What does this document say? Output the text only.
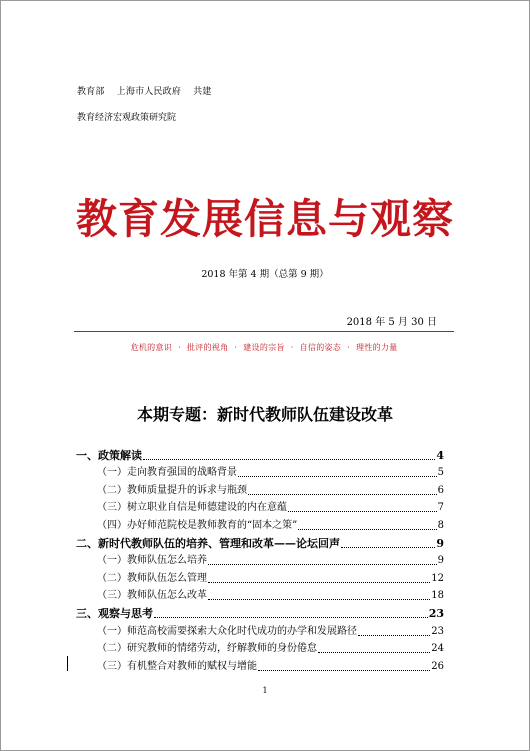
教育部 上海市人民政府 共建
教育经济宏观政策研究院
教育发展信息与观察
2018 年第 4 期（总第 9 期）
2018 年 5 月 30 日
危机的意识 · 批评的视角 · 建设的宗旨 · 自信的姿态 · 理性的力量
本期专题：新时代教师队伍建设改革
一、政策解读	4
（一）走向教育强国的战略背景	5
（二）教师质量提升的诉求与瓶颈	6
（三）树立职业自信是师德建设的内在意蕴	7
（四）办好师范院校是教师教育的“固本之策”	8
二、新时代教师队伍的培养、管理和改革——论坛回声	9
（一）教师队伍怎么培养	9
（二）教师队伍怎么管理	12
（三）教师队伍怎么改革	18
三、观察与思考	23
（一）师范高校需要探索大众化时代成功的办学和发展路径	23
（二）研究教师的情绪劳动，纾解教师的身份倦怠	24
（三）有机整合对教师的赋权与增能	26
1
